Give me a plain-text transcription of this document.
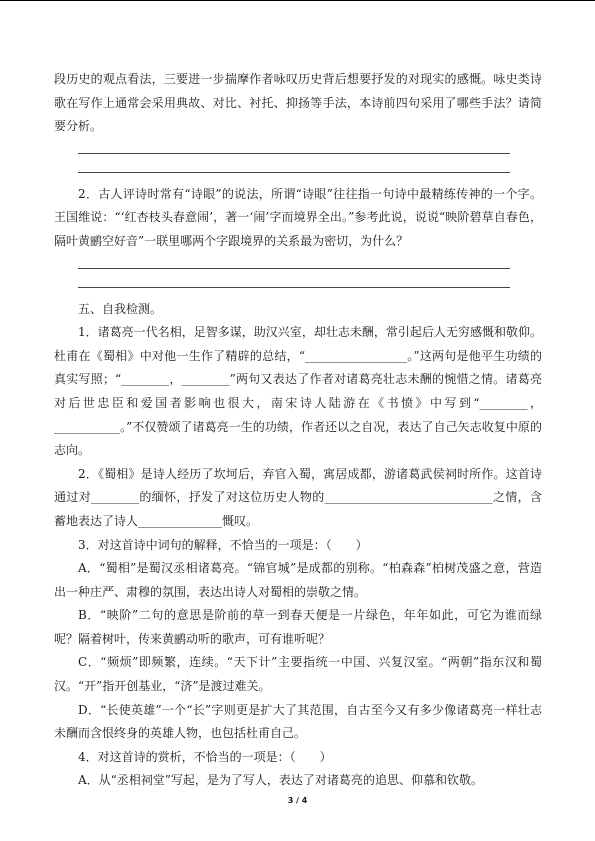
段历史的观点看法，三要进一步揣摩作者咏叹历史背后想要抒发的对现实的感慨。咏史类诗歌在写作上通常会采用典故、对比、衬托、抑扬等手法，本诗前四句采用了哪些手法？请简要分析。

2．古人评诗时常有“诗眼”的说法，所谓“诗眼”往往指一句诗中最精练传神的一个字。王国维说：“‘红杏枝头春意闹’，著一‘闹’字而境界全出。”参考此说，说说“映阶碧草自春色，隔叶黄鹂空好音”一联里哪两个字跟境界的关系最为密切，为什么？

五、自我检测。

1．诸葛亮一代名相，足智多谋，助汉兴室，却壮志未酬，常引起后人无穷感慨和敬仰。杜甫在《蜀相》中对他一生作了精辟的总结，“_________________。”这两句是他平生功绩的真实写照；“________，________”两句又表达了作者对诸葛亮壮志未酬的惋惜之情。诸葛亮对后世忠臣和爱国者影响也很大，南宋诗人陆游在《书愤》中写到“________，___________。”不仅赞颂了诸葛亮一生的功绩，作者还以之自况，表达了自己矢志收复中原的志向。

2．《蜀相》是诗人经历了坎坷后，弃官入蜀，寓居成都，游诸葛武侯祠时所作。这首诗通过对________的缅怀，抒发了对这位历史人物的____________________________之情，含蓄地表达了诗人______________慨叹。

3．对这首诗中词句的解释，不恰当的一项是：（　　）

A．“蜀相”是蜀汉丞相诸葛亮。“锦官城”是成都的别称。“柏森森”柏树茂盛之意，营造出一种庄严、肃穆的氛围，表达出诗人对蜀相的崇敬之情。

B．“映阶”二句的意思是阶前的草一到春天便是一片绿色，年年如此，可它为谁而绿呢？隔着树叶，传来黄鹂动听的歌声，可有谁听呢？

C．“频烦”即频繁，连续。“天下计”主要指统一中国、兴复汉室。“两朝”指东汉和蜀汉。“开”指开创基业，“济”是渡过难关。

D．“长使英雄”一个“长”字则更是扩大了其范围，自古至今又有多少像诸葛亮一样壮志未酬而含恨终身的英雄人物，也包括杜甫自己。

4．对这首诗的赏析，不恰当的一项是：（　　）

A．从“丞相祠堂”写起，是为了写人，表达了对诸葛亮的追思、仰慕和钦敬。

3 / 4
